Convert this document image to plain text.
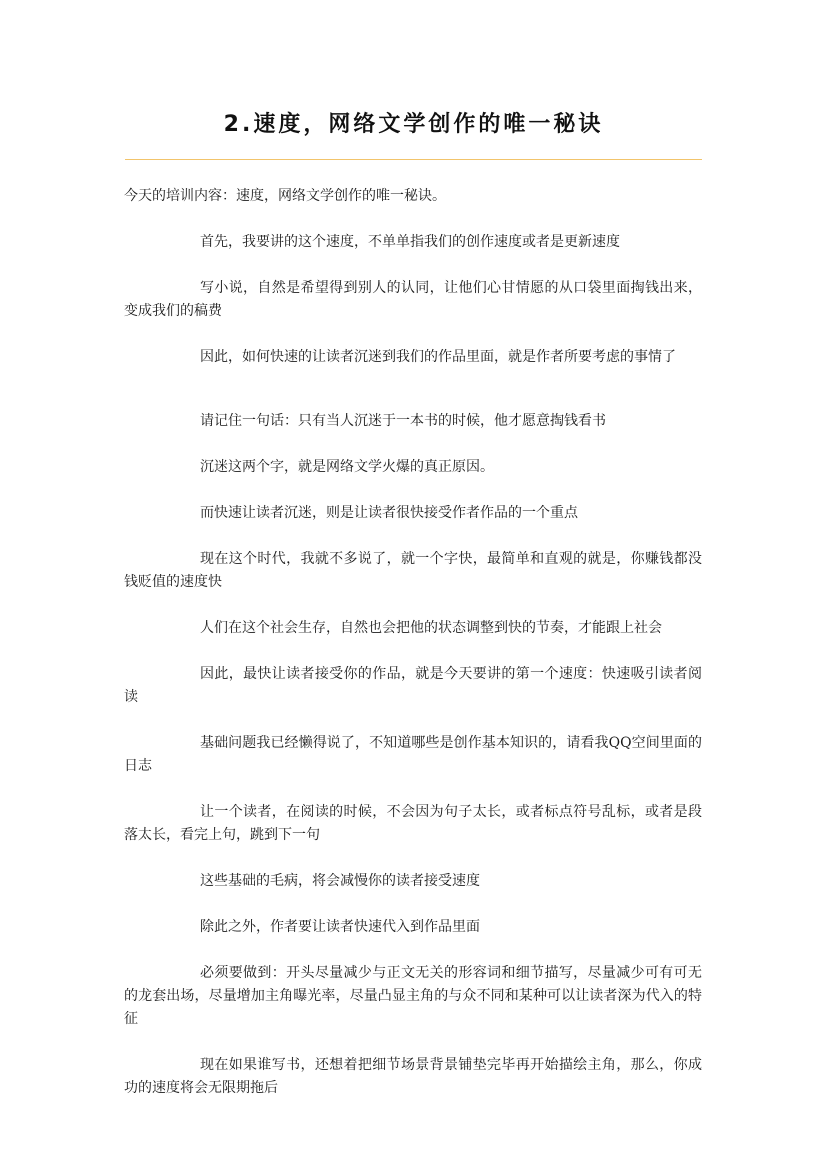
2.速度，网络文学创作的唯一秘诀

今天的培训内容：速度，网络文学创作的唯一秘诀。

首先，我要讲的这个速度，不单单指我们的创作速度或者是更新速度

写小说，自然是希望得到别人的认同，让他们心甘情愿的从口袋里面掏钱出来，变成我们的稿费

因此，如何快速的让读者沉迷到我们的作品里面，就是作者所要考虑的事情了

请记住一句话：只有当人沉迷于一本书的时候，他才愿意掏钱看书

沉迷这两个字，就是网络文学火爆的真正原因。

而快速让读者沉迷，则是让读者很快接受作者作品的一个重点

现在这个时代，我就不多说了，就一个字快，最简单和直观的就是，你赚钱都没钱贬值的速度快

人们在这个社会生存，自然也会把他的状态调整到快的节奏，才能跟上社会

因此，最快让读者接受你的作品，就是今天要讲的第一个速度：快速吸引读者阅读

基础问题我已经懒得说了，不知道哪些是创作基本知识的，请看我QQ空间里面的日志

让一个读者，在阅读的时候，不会因为句子太长，或者标点符号乱标，或者是段落太长，看完上句，跳到下一句

这些基础的毛病，将会减慢你的读者接受速度

除此之外，作者要让读者快速代入到作品里面

必须要做到：开头尽量减少与正文无关的形容词和细节描写，尽量减少可有可无的龙套出场，尽量增加主角曝光率，尽量凸显主角的与众不同和某种可以让读者深为代入的特征

现在如果谁写书，还想着把细节场景背景铺垫完毕再开始描绘主角，那么，你成功的速度将会无限期拖后
